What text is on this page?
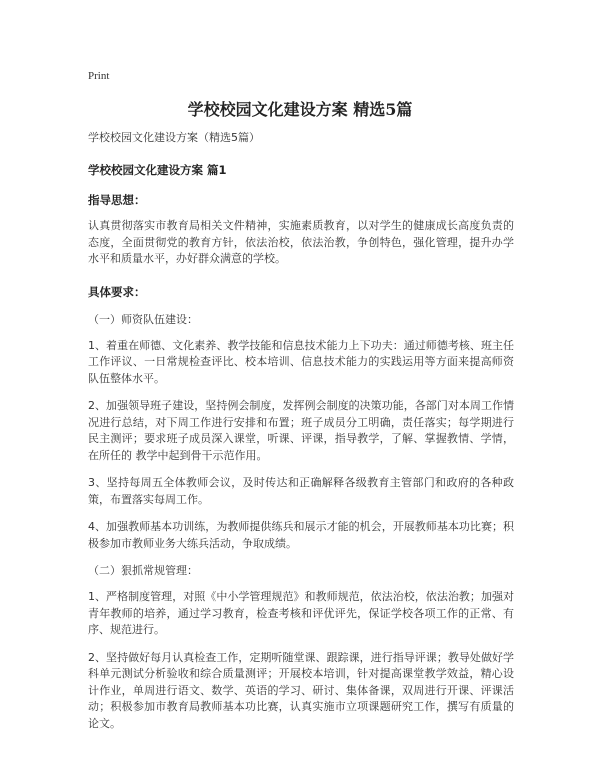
Print
学校校园文化建设方案 精选5篇

学校校园文化建设方案（精选5篇）

学校校园文化建设方案 篇1

指导思想：

认真贯彻落实市教育局相关文件精神，实施素质教育，以对学生的健康成长高度负责的态度，全面贯彻党的教育方针，依法治校，依法治教，争创特色，强化管理，提升办学水平和质量水平，办好群众满意的学校。

具体要求：

（一）师资队伍建设：

1、着重在师德、文化素养、教学技能和信息技术能力上下功夫：通过师德考核、班主任工作评议、一日常规检查评比、校本培训、信息技术能力的实践运用等方面来提高师资队伍整体水平。

2、加强领导班子建设，坚持例会制度，发挥例会制度的决策功能，各部门对本周工作情况进行总结，对下周工作进行安排和布置；班子成员分工明确，责任落实；每学期进行民主测评；要求班子成员深入课堂，听课、评课，指导教学，了解、掌握教情、学情，在所任的 教学中起到骨干示范作用。

3、坚持每周五全体教师会议，及时传达和正确解释各级教育主管部门和政府的各种政策，布置落实每周工作。

4、加强教师基本功训练，为教师提供练兵和展示才能的机会，开展教师基本功比赛；积极参加市教师业务大练兵活动，争取成绩。

（二）狠抓常规管理：

1、严格制度管理，对照《中小学管理规范》和教师规范，依法治校，依法治教；加强对青年教师的培养，通过学习教育，检查考核和评优评先，保证学校各项工作的正常、有序、规范进行。

2、坚持做好每月认真检查工作，定期听随堂课、跟踪课，进行指导评课；教导处做好学科单元测试分析验收和综合质量测评；开展校本培训，针对提高课堂教学效益，精心设计作业，单周进行语文、数学、英语的学习、研讨、集体备课，双周进行开课、评课活动；积极参加市教育局教师基本功比赛，认真实施市立项课题研究工作，撰写有质量的论文。
